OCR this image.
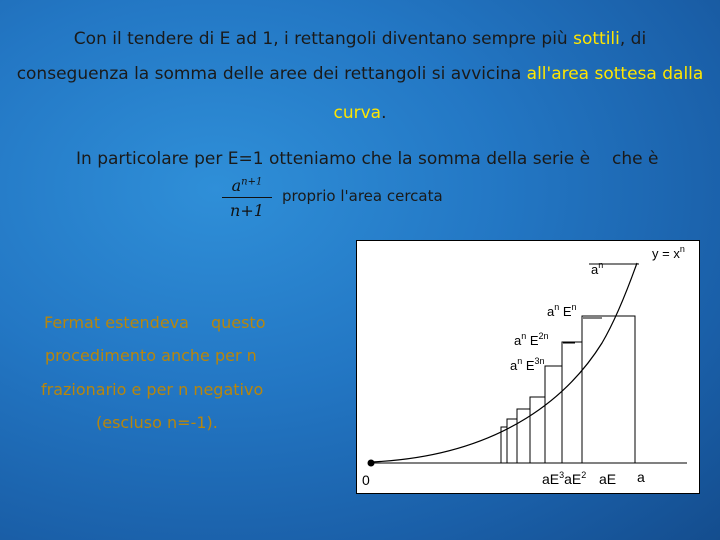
Con il tendere di E ad 1, i rettangoli diventano sempre più sottili, di
conseguenza la somma delle aree dei rettangoli si avvicina all'area sottesa dalla
curva.
In particolare per E=1 otteniamo che la somma della serie è che è
$a^{n+1}$
n+1
proprio l'area cercata
Fermat estendeva questo
procedimento anche per n
frazionario e per n negativo
(escluso n=-1).
$y = x^n$
$a^n$
$a^n$ $E^n$
$a^n$ $E^{2n}$
$a^n$ $E^{3n}$
0	$aE^3aE^2$ aE a
